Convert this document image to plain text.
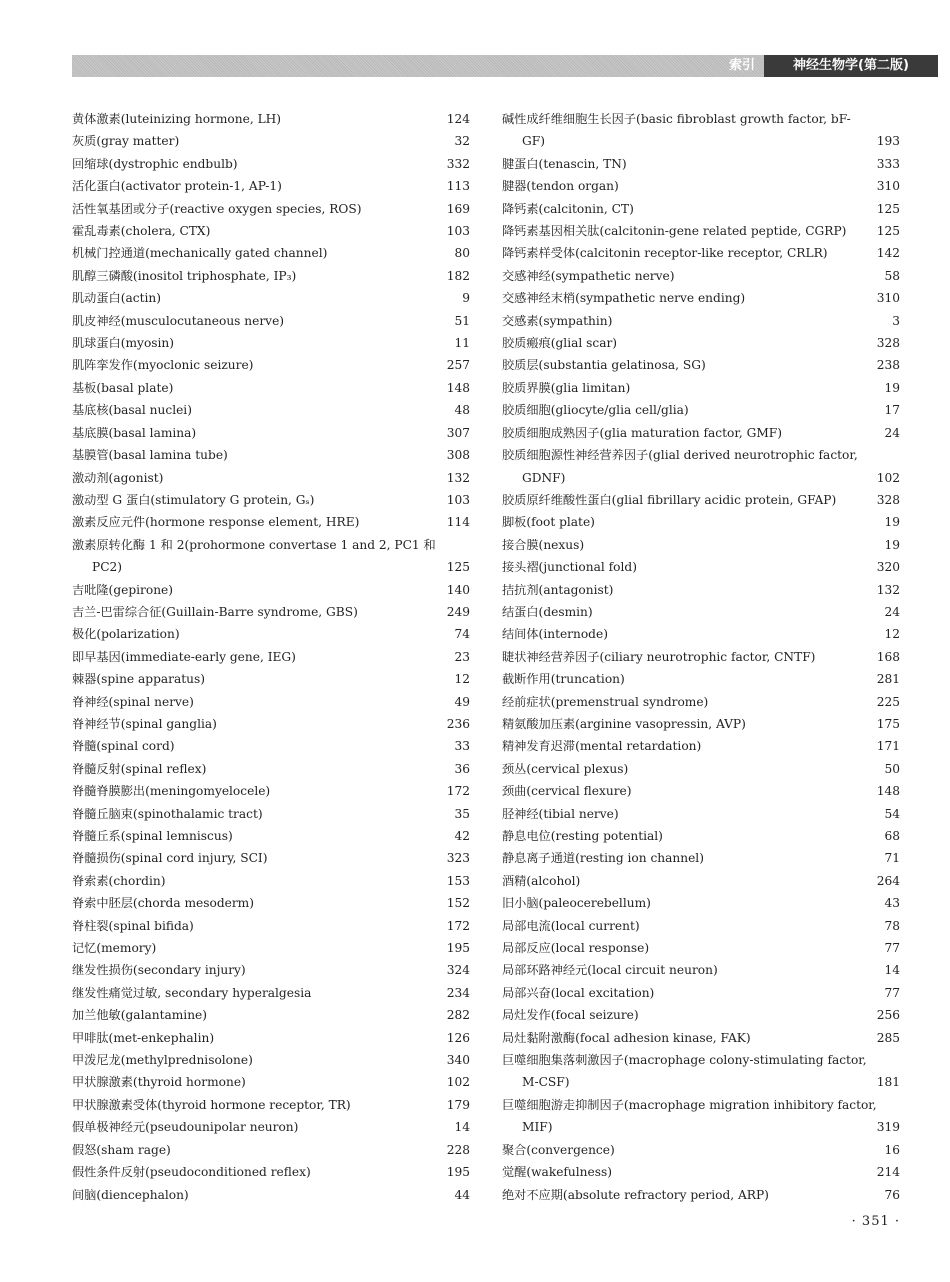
索引	神经生物学(第二版)
黄体激素(luteinizing hormone, LH)	124
灰质(gray matter)	32
回缩球(dystrophic endbulb)	332
活化蛋白(activator protein-1, AP-1)	113
活性氧基团或分子(reactive oxygen species, ROS)	169
霍乱毒素(cholera, CTX)	103
机械门控通道(mechanically gated channel)	80
肌醇三磷酸(inositol triphosphate, IP₃)	182
肌动蛋白(actin)	9
肌皮神经(musculocutaneous nerve)	51
肌球蛋白(myosin)	11
肌阵挛发作(myoclonic seizure)	257
基板(basal plate)	148
基底核(basal nuclei)	48
基底膜(basal lamina)	307
基膜管(basal lamina tube)	308
激动剂(agonist)	132
激动型 G 蛋白(stimulatory G protein, Gₛ)	103
激素反应元件(hormone response element, HRE)	114
激素原转化酶 1 和 2(prohormone convertase 1 and 2, PC1 和
PC2)	125
吉吡隆(gepirone)	140
吉兰-巴雷综合征(Guillain-Barre syndrome, GBS)	249
极化(polarization)	74
即早基因(immediate-early gene, IEG)	23
棘器(spine apparatus)	12
脊神经(spinal nerve)	49
脊神经节(spinal ganglia)	236
脊髓(spinal cord)	33
脊髓反射(spinal reflex)	36
脊髓脊膜膨出(meningomyelocele)	172
脊髓丘脑束(spinothalamic tract)	35
脊髓丘系(spinal lemniscus)	42
脊髓损伤(spinal cord injury, SCI)	323
脊索素(chordin)	153
脊索中胚层(chorda mesoderm)	152
脊柱裂(spinal bifida)	172
记忆(memory)	195
继发性损伤(secondary injury)	324
继发性痛觉过敏, secondary hyperalgesia	234
加兰他敏(galantamine)	282
甲啡肽(met-enkephalin)	126
甲泼尼龙(methylprednisolone)	340
甲状腺激素(thyroid hormone)	102
甲状腺激素受体(thyroid hormone receptor, TR)	179
假单极神经元(pseudounipolar neuron)	14
假怒(sham rage)	228
假性条件反射(pseudoconditioned reflex)	195
间脑(diencephalon)	44
碱性成纤维细胞生长因子(basic fibroblast growth factor, bF-
GF)	193
腱蛋白(tenascin, TN)	333
腱器(tendon organ)	310
降钙素(calcitonin, CT)	125
降钙素基因相关肽(calcitonin-gene related peptide, CGRP)	125
降钙素样受体(calcitonin receptor-like receptor, CRLR)	142
交感神经(sympathetic nerve)	58
交感神经末梢(sympathetic nerve ending)	310
交感素(sympathin)	3
胶质瘢痕(glial scar)	328
胶质层(substantia gelatinosa, SG)	238
胶质界膜(glia limitan)	19
胶质细胞(gliocyte/glia cell/glia)	17
胶质细胞成熟因子(glia maturation factor, GMF)	24
胶质细胞源性神经营养因子(glial derived neurotrophic factor,
GDNF)	102
胶质原纤维酸性蛋白(glial fibrillary acidic protein, GFAP)	328
脚板(foot plate)	19
接合膜(nexus)	19
接头褶(junctional fold)	320
拮抗剂(antagonist)	132
结蛋白(desmin)	24
结间体(internode)	12
睫状神经营养因子(ciliary neurotrophic factor, CNTF)	168
截断作用(truncation)	281
经前症状(premenstrual syndrome)	225
精氨酸加压素(arginine vasopressin, AVP)	175
精神发育迟滞(mental retardation)	171
颈丛(cervical plexus)	50
颈曲(cervical flexure)	148
胫神经(tibial nerve)	54
静息电位(resting potential)	68
静息离子通道(resting ion channel)	71
酒精(alcohol)	264
旧小脑(paleocerebellum)	43
局部电流(local current)	78
局部反应(local response)	77
局部环路神经元(local circuit neuron)	14
局部兴奋(local excitation)	77
局灶发作(focal seizure)	256
局灶黏附激酶(focal adhesion kinase, FAK)	285
巨噬细胞集落刺激因子(macrophage colony-stimulating factor,
M-CSF)	181
巨噬细胞游走抑制因子(macrophage migration inhibitory factor,
MIF)	319
聚合(convergence)	16
觉醒(wakefulness)	214
绝对不应期(absolute refractory period, ARP)	76
· 351 ·
